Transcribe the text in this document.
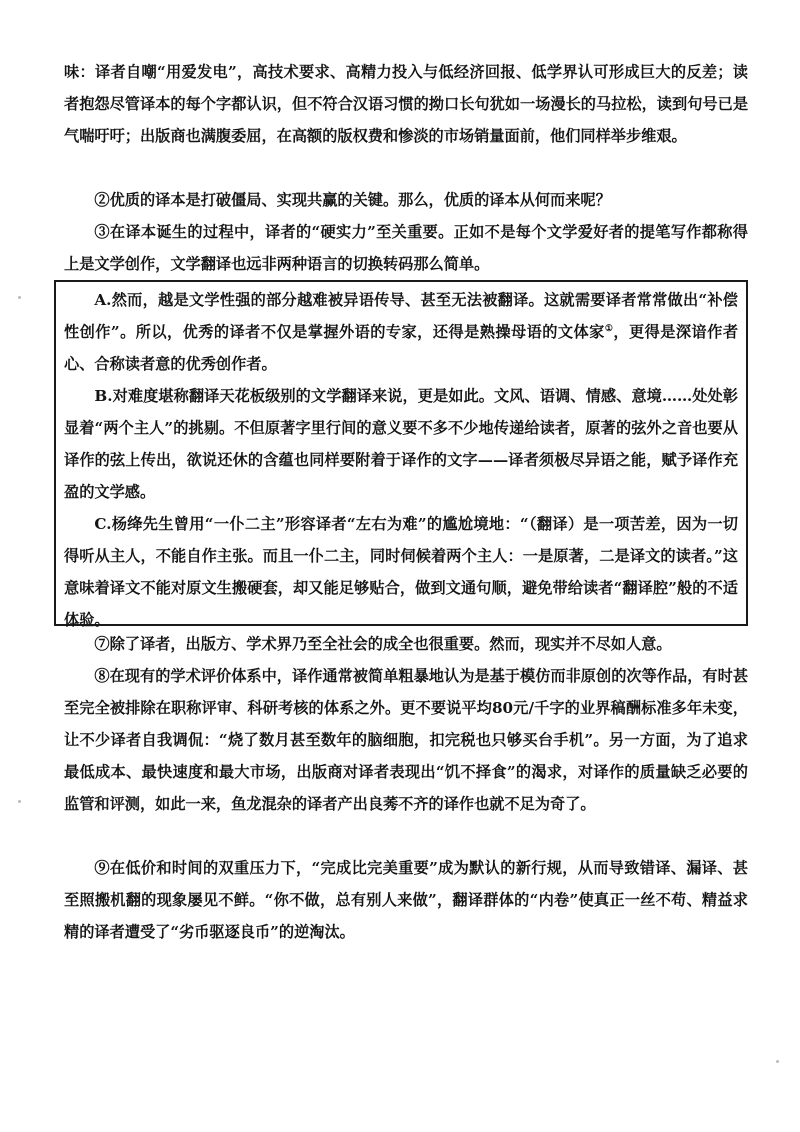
味：译者自嘲“用爱发电”，高技术要求、高精力投入与低经济回报、低学界认可形成巨大的反差；读者抱怨尽管译本的每个字都认识，但不符合汉语习惯的拗口长句犹如一场漫长的马拉松，读到句号已是气喘吁吁；出版商也满腹委屈，在高额的版权费和惨淡的市场销量面前，他们同样举步维艰。

②优质的译本是打破僵局、实现共赢的关键。那么，优质的译本从何而来呢？

③在译本诞生的过程中，译者的“硬实力”至关重要。正如不是每个文学爱好者的提笔写作都称得上是文学创作，文学翻译也远非两种语言的切换转码那么简单。

A.然而，越是文学性强的部分越难被异语传导、甚至无法被翻译。这就需要译者常常做出“补偿性创作”。所以，优秀的译者不仅是掌握外语的专家，还得是熟操母语的文体家①，更得是深谙作者心、合称读者意的优秀创作者。

B.对难度堪称翻译天花板级别的文学翻译来说，更是如此。文风、语调、情感、意境……处处彰显着“两个主人”的挑剔。不但原著字里行间的意义要不多不少地传递给读者，原著的弦外之音也要从译作的弦上传出，欲说还休的含蕴也同样要附着于译作的文字——译者须极尽异语之能，赋予译作充盈的文学感。

C.杨绛先生曾用“一仆二主”形容译者“左右为难”的尴尬境地：“（翻译）是一项苦差，因为一切得听从主人，不能自作主张。而且一仆二主，同时伺候着两个主人：一是原著，二是译文的读者。”这意味着译文不能对原文生搬硬套，却又能足够贴合，做到文通句顺，避免带给读者“翻译腔”般的不适体验。

⑦除了译者，出版方、学术界乃至全社会的成全也很重要。然而，现实并不尽如人意。

⑧在现有的学术评价体系中，译作通常被简单粗暴地认为是基于模仿而非原创的次等作品，有时甚至完全被排除在职称评审、科研考核的体系之外。更不要说平均80元/千字的业界稿酬标准多年未变，让不少译者自我调侃：“烧了数月甚至数年的脑细胞，扣完税也只够买台手机”。另一方面，为了追求最低成本、最快速度和最大市场，出版商对译者表现出“饥不择食”的渴求，对译作的质量缺乏必要的监管和评测，如此一来，鱼龙混杂的译者产出良莠不齐的译作也就不足为奇了。

⑨在低价和时间的双重压力下，“完成比完美重要”成为默认的新行规，从而导致错译、漏译、甚至照搬机翻的现象屡见不鲜。“你不做，总有别人来做”，翻译群体的“内卷”使真正一丝不苟、精益求精的译者遭受了“劣币驱逐良币”的逆淘汰。
